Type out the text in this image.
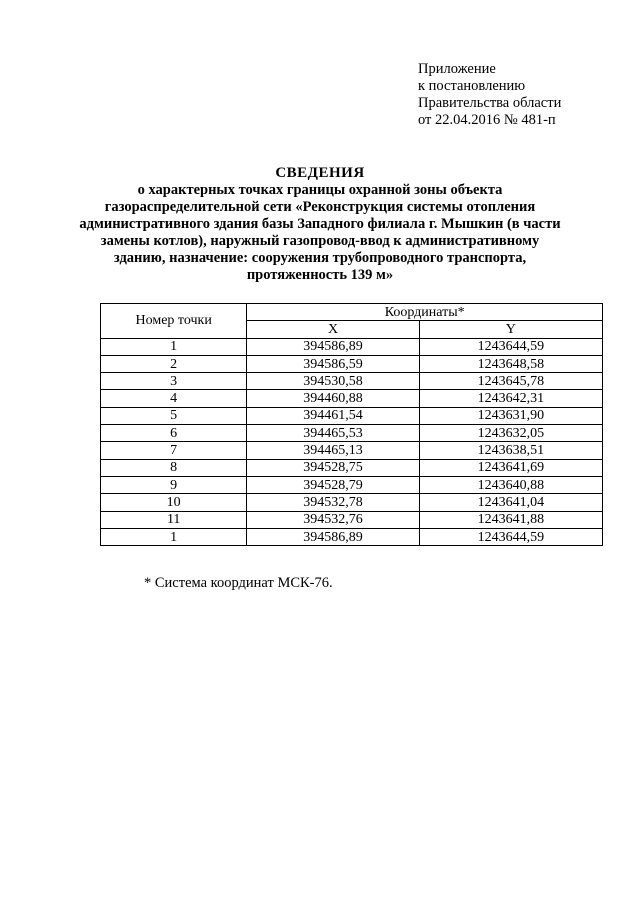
Приложение
к постановлению
Правительства области
от 22.04.2016 № 481-п
СВЕДЕНИЯ
о характерных точках границы охранной зоны объекта
газораспределительной сети «Реконструкция системы отопления
административного здания базы Западного филиала г. Мышкин (в части
замены котлов), наружный газопровод-ввод к административному
зданию, назначение: сооружения трубопроводного транспорта,
протяженность 139 м»
Номер точки	Координаты*	
	X	Y
1	394586,89	1243644,59
2	394586,59	1243648,58
3	394530,58	1243645,78
4	394460,88	1243642,31
5	394461,54	1243631,90
6	394465,53	1243632,05
7	394465,13	1243638,51
8	394528,75	1243641,69
9	394528,79	1243640,88
10	394532,78	1243641,04
11	394532,76	1243641,88
1	394586,89	1243644,59
* Система координат МСК-76.
